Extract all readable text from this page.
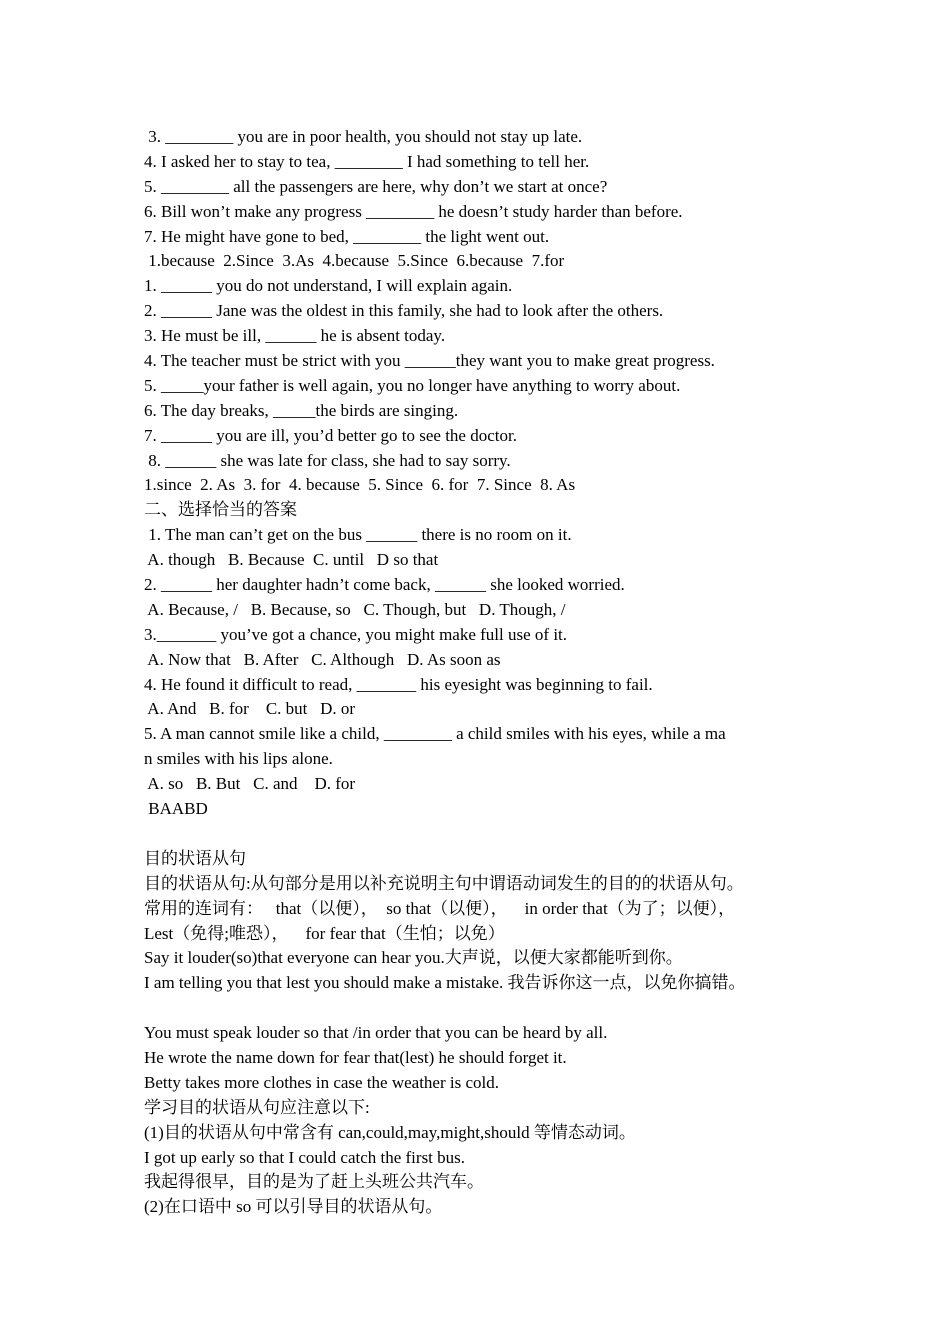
3. ________ you are in poor health, you should not stay up late.
4. I asked her to stay to tea, ________ I had something to tell her.
5. ________ all the passengers are here, why don’t we start at once?
6. Bill won’t make any progress ________ he doesn’t study harder than before.
7. He might have gone to bed, ________ the light went out.
1.because  2.Since  3.As  4.because  5.Since  6.because  7.for
1. ______ you do not understand, I will explain again.
2. ______ Jane was the oldest in this family, she had to look after the others.
3. He must be ill, ______ he is absent today.
4. The teacher must be strict with you ______they want you to make great progress.
5. _____your father is well again, you no longer have anything to worry about.
6. The day breaks, _____the birds are singing.
7. ______ you are ill, you’d better go to see the doctor.
8. ______ she was late for class, she had to say sorry.
1.since  2. As  3. for  4. because  5. Since  6. for  7. Since  8. As
二、选择恰当的答案
1. The man can’t get on the bus ______ there is no room on it.
A. though   B. Because  C. until   D so that
2. ______ her daughter hadn’t come back, ______ she looked worried.
A. Because, /   B. Because, so   C. Though, but   D. Though, /
3._______ you’ve got a chance, you might make full use of it.
A. Now that   B. After   C. Although   D. As soon as
4. He found it difficult to read, _______ his eyesight was beginning to fail.
A. And   B. for    C. but   D. or
5. A man cannot smile like a child, ________ a child smiles with his eyes, while a ma
n smiles with his lips alone.
A. so   B. But   C. and    D. for
BAABD
目的状语从句
目的状语从句:从句部分是用以补充说明主句中谓语动词发生的目的的状语从句。
常用的连词有：   that（以便），  so that（以便），    in order that（为了；以便），
Lest（免得;唯恐），    for fear that（生怕；以免）
Say it louder(so)that everyone can hear you.大声说，以便大家都能听到你。
I am telling you that lest you should make a mistake. 我告诉你这一点，以免你搞错。
You must speak louder so that /in order that you can be heard by all.
He wrote the name down for fear that(lest) he should forget it.
Betty takes more clothes in case the weather is cold.
学习目的状语从句应注意以下:
(1)目的状语从句中常含有 can,could,may,might,should 等情态动词。
I got up early so that I could catch the first bus.
我起得很早，目的是为了赶上头班公共汽车。
(2)在口语中 so 可以引导目的状语从句。
